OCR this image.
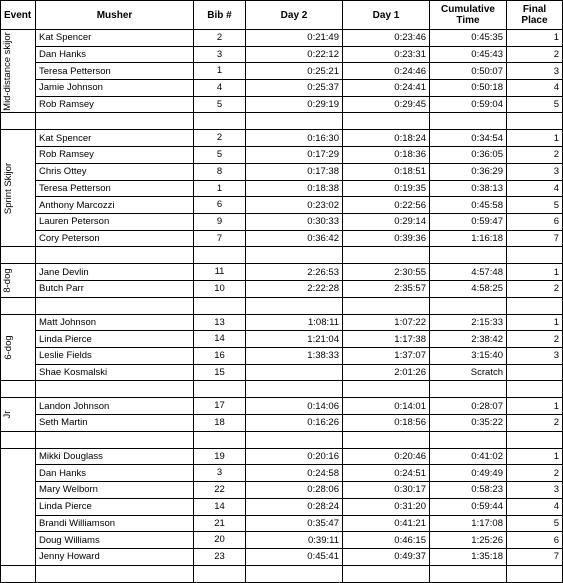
Event	Musher	Bib #	Day 2	Day 1	Cumulative Time	Final Place

Mid-distance skijor	Kat Spencer	2	0:21:49	0:23:46	0:45:35	1
	Dan Hanks	3	0:22:12	0:23:31	0:45:43	2
	Teresa Petterson	1	0:25:21	0:24:46	0:50:07	3
	Jamie Johnson	4	0:25:37	0:24:41	0:50:18	4
	Rob Ramsey	5	0:29:19	0:29:45	0:59:04	5

Sprint Skijor	Kat Spencer	2	0:16:30	0:18:24	0:34:54	1
	Rob Ramsey	5	0:17:29	0:18:36	0:36:05	2
	Chris Ottey	8	0:17:38	0:18:51	0:36:29	3
	Teresa Petterson	1	0:18:38	0:19:35	0:38:13	4
	Anthony Marcozzi	6	0:23:02	0:22:56	0:45:58	5
	Lauren Peterson	9	0:30:33	0:29:14	0:59:47	6
	Cory Peterson	7	0:36:42	0:39:36	1:16:18	7

8-dog	Jane Devlin	11	2:26:53	2:30:55	4:57:48	1
	Butch Parr	10	2:22:28	2:35:57	4:58:25	2

6-dog	Matt Johnson	13	1:08:11	1:07:22	2:15:33	1
	Linda Pierce	14	1:21:04	1:17:38	2:38:42	2
	Leslie Fields	16	1:38:33	1:37:07	3:15:40	3
	Shae Kosmalski	15		2:01:26	Scratch	

Jr	Landon Johnson	17	0:14:06	0:14:01	0:28:07	1
	Seth Martin	18	0:16:26	0:18:56	0:35:22	2

	Mikki Douglass	19	0:20:16	0:20:46	0:41:02	1
	Dan Hanks	3	0:24:58	0:24:51	0:49:49	2
	Mary Welborn	22	0:28:06	0:30:17	0:58:23	3
	Linda Pierce	14	0:28:24	0:31:20	0:59:44	4
	Brandi Williamson	21	0:35:47	0:41:21	1:17:08	5
	Doug Williams	20	0:39:11	0:46:15	1:25:26	6
	Jenny Howard	23	0:45:41	0:49:37	1:35:18	7
